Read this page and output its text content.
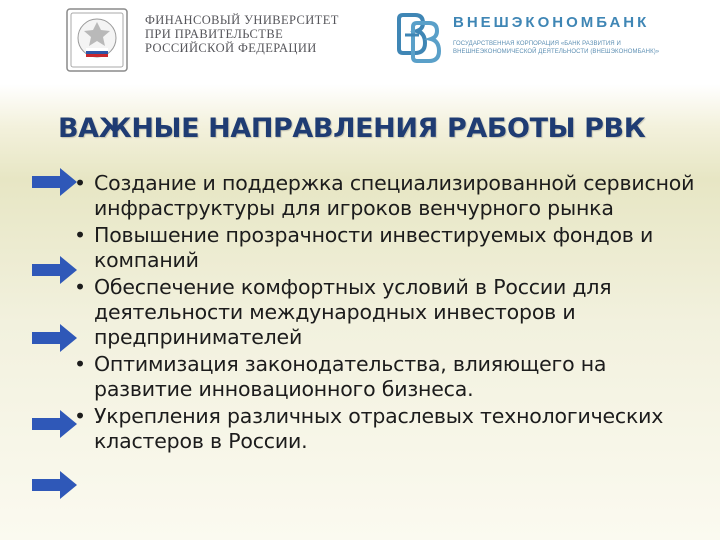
ФИНАНСОВЫЙ УНИВЕРСИТЕТ
ПРИ ПРАВИТЕЛЬСТВЕ
РОССИЙСКОЙ ФЕДЕРАЦИИ
ВНЕШЭКОНОМБАНК
ГОСУДАРСТВЕННАЯ КОРПОРАЦИЯ «БАНК РАЗВИТИЯ И
ВНЕШНЕЭКОНОМИЧЕСКОЙ ДЕЯТЕЛЬНОСТИ (ВНЕШЭКОНОМБАНК)»
ВАЖНЫЕ НАПРАВЛЕНИЯ РАБОТЫ РВК
• Создание и поддержка специализированной сервисной инфраструктуры для игроков венчурного рынка
• Повышение прозрачности инвестируемых фондов и компаний
• Обеспечение комфортных условий в России для деятельности международных инвесторов и предпринимателей
• Оптимизация законодательства, влияющего на развитие инновационного бизнеса.
• Укрепления различных отраслевых технологических кластеров в России.
